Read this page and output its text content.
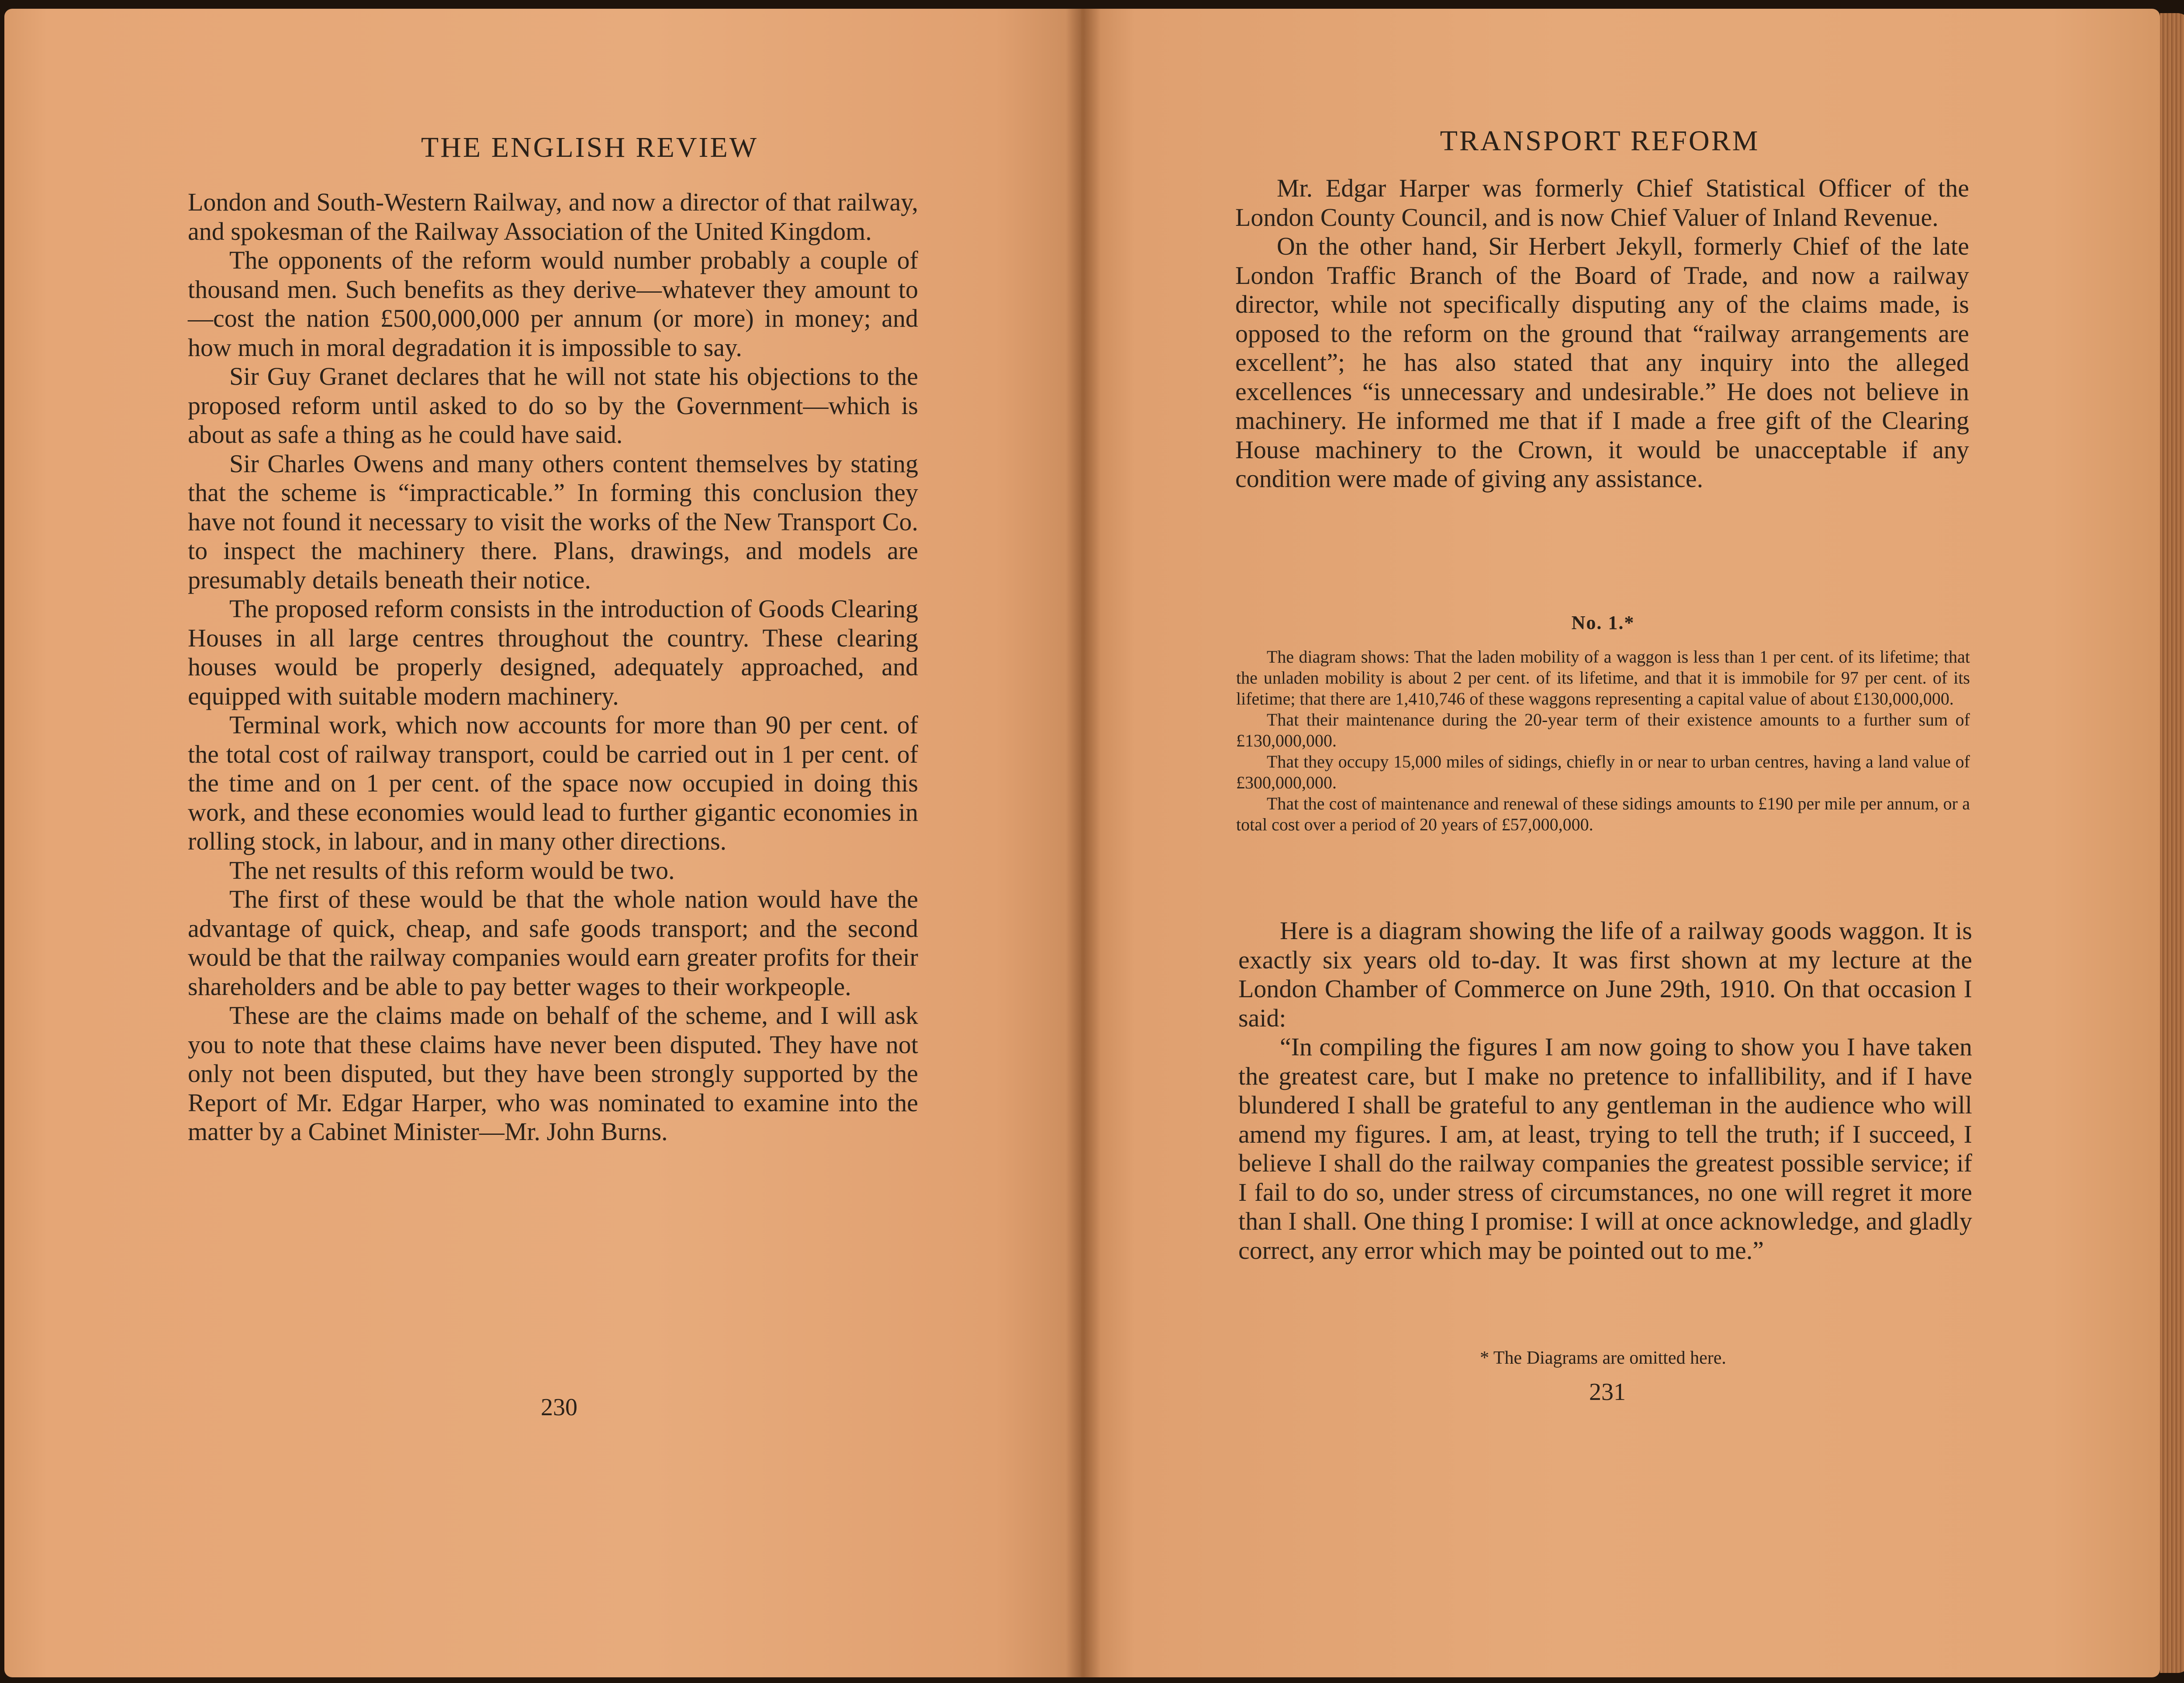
THE ENGLISH REVIEW

London and South-Western Railway, and now a director of that railway, and spokesman of the Railway Association of the United Kingdom.

The opponents of the reform would number probably a couple of thousand men. Such benefits as they derive—whatever they amount to—cost the nation £500,000,000 per annum (or more) in money; and how much in moral degradation it is impossible to say.

Sir Guy Granet declares that he will not state his objections to the proposed reform until asked to do so by the Government—which is about as safe a thing as he could have said.

Sir Charles Owens and many others content themselves by stating that the scheme is “impracticable.” In forming this conclusion they have not found it necessary to visit the works of the New Transport Co. to inspect the machinery there. Plans, drawings, and models are presumably details beneath their notice.

The proposed reform consists in the introduction of Goods Clearing Houses in all large centres throughout the country. These clearing houses would be properly designed, adequately approached, and equipped with suitable modern machinery.

Terminal work, which now accounts for more than 90 per cent. of the total cost of railway transport, could be carried out in 1 per cent. of the time and on 1 per cent. of the space now occupied in doing this work, and these economies would lead to further gigantic economies in rolling stock, in labour, and in many other directions.

The net results of this reform would be two.

The first of these would be that the whole nation would have the advantage of quick, cheap, and safe goods transport; and the second would be that the railway companies would earn greater profits for their shareholders and be able to pay better wages to their workpeople.

These are the claims made on behalf of the scheme, and I will ask you to note that these claims have never been disputed. They have not only not been disputed, but they have been strongly supported by the Report of Mr. Edgar Harper, who was nominated to examine into the matter by a Cabinet Minister—Mr. John Burns.

230
TRANSPORT REFORM

Mr. Edgar Harper was formerly Chief Statistical Officer of the London County Council, and is now Chief Valuer of Inland Revenue.

On the other hand, Sir Herbert Jekyll, formerly Chief of the late London Traffic Branch of the Board of Trade, and now a railway director, while not specifically disputing any of the claims made, is opposed to the reform on the ground that “railway arrangements are excellent”; he has also stated that any inquiry into the alleged excellences “is unnecessary and undesirable.” He does not believe in machinery. He informed me that if I made a free gift of the Clearing House machinery to the Crown, it would be unacceptable if any condition were made of giving any assistance.

No. 1.*

The diagram shows: That the laden mobility of a waggon is less than 1 per cent. of its lifetime; that the unladen mobility is about 2 per cent. of its lifetime, and that it is immobile for 97 per cent. of its lifetime; that there are 1,410,746 of these waggons representing a capital value of about £130,000,000.

That their maintenance during the 20-year term of their existence amounts to a further sum of £130,000,000.

That they occupy 15,000 miles of sidings, chiefly in or near to urban centres, having a land value of £300,000,000.

That the cost of maintenance and renewal of these sidings amounts to £190 per mile per annum, or a total cost over a period of 20 years of £57,000,000.

Here is a diagram showing the life of a railway goods waggon. It is exactly six years old to-day. It was first shown at my lecture at the London Chamber of Commerce on June 29th, 1910. On that occasion I said:

“In compiling the figures I am now going to show you I have taken the greatest care, but I make no pretence to infallibility, and if I have blundered I shall be grateful to any gentleman in the audience who will amend my figures. I am, at least, trying to tell the truth; if I succeed, I believe I shall do the railway companies the greatest possible service; if I fail to do so, under stress of circumstances, no one will regret it more than I shall. One thing I promise: I will at once acknowledge, and gladly correct, any error which may be pointed out to me.”

* The Diagrams are omitted here.
231
